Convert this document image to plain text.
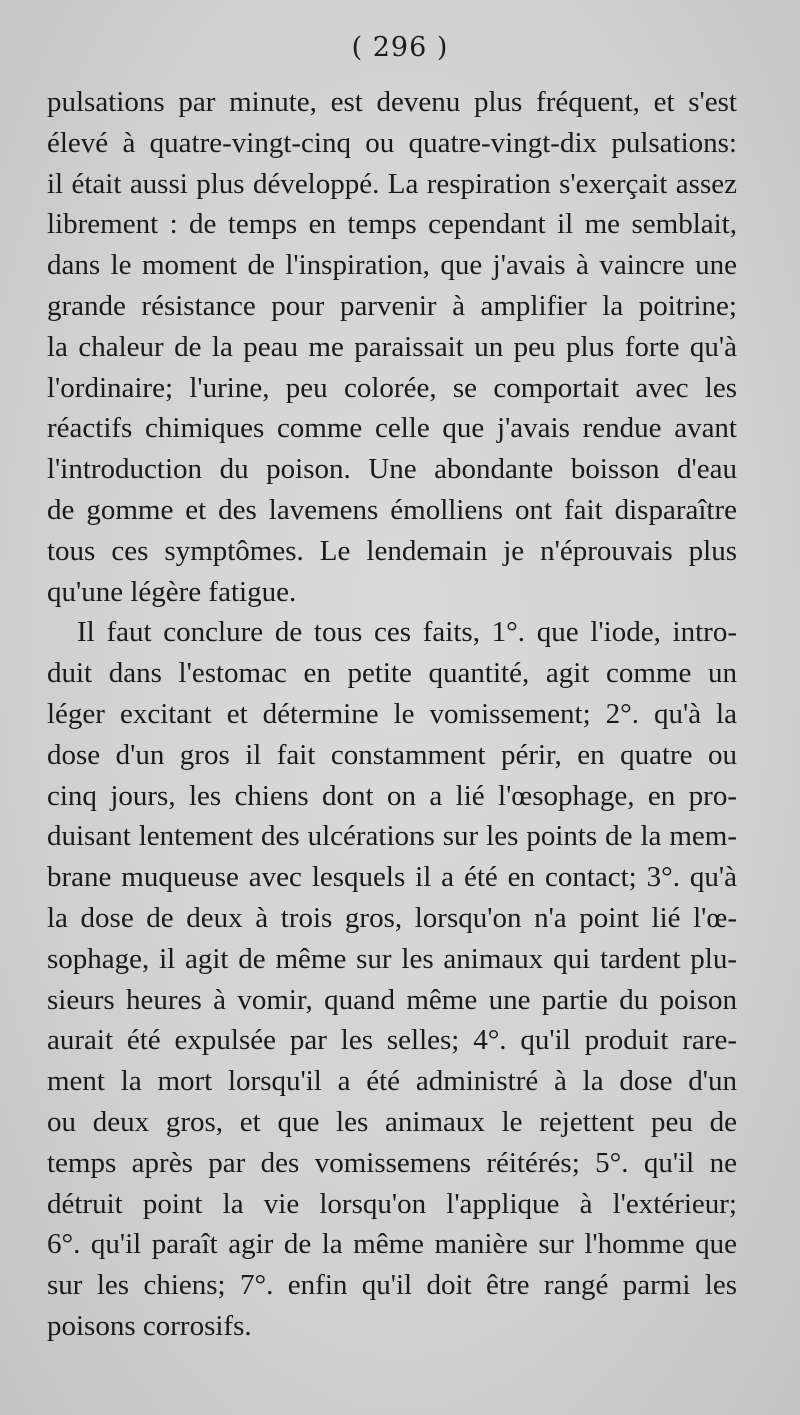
( 296 )
pulsations par minute, est devenu plus fréquent, et s'est
élevé à quatre-vingt-cinq ou quatre-vingt-dix pulsations:
il était aussi plus développé. La respiration s'exerçait assez
librement : de temps en temps cependant il me semblait,
dans le moment de l'inspiration, que j'avais à vaincre une
grande résistance pour parvenir à amplifier la poitrine;
la chaleur de la peau me paraissait un peu plus forte qu'à
l'ordinaire; l'urine, peu colorée, se comportait avec les
réactifs chimiques comme celle que j'avais rendue avant
l'introduction du poison. Une abondante boisson d'eau
de gomme et des lavemens émolliens ont fait disparaître
tous ces symptômes. Le lendemain je n'éprouvais plus
qu'une légère fatigue.
Il faut conclure de tous ces faits, 1°. que l'iode, intro-
duit dans l'estomac en petite quantité, agit comme un
léger excitant et détermine le vomissement; 2°. qu'à la
dose d'un gros il fait constamment périr, en quatre ou
cinq jours, les chiens dont on a lié l'œsophage, en pro-
duisant lentement des ulcérations sur les points de la mem-
brane muqueuse avec lesquels il a été en contact; 3°. qu'à
la dose de deux à trois gros, lorsqu'on n'a point lié l'œ-
sophage, il agit de même sur les animaux qui tardent plu-
sieurs heures à vomir, quand même une partie du poison
aurait été expulsée par les selles; 4°. qu'il produit rare-
ment la mort lorsqu'il a été administré à la dose d'un
ou deux gros, et que les animaux le rejettent peu de
temps après par des vomissemens réitérés; 5°. qu'il ne
détruit point la vie lorsqu'on l'applique à l'extérieur;
6°. qu'il paraît agir de la même manière sur l'homme que
sur les chiens; 7°. enfin qu'il doit être rangé parmi les
poisons corrosifs.
